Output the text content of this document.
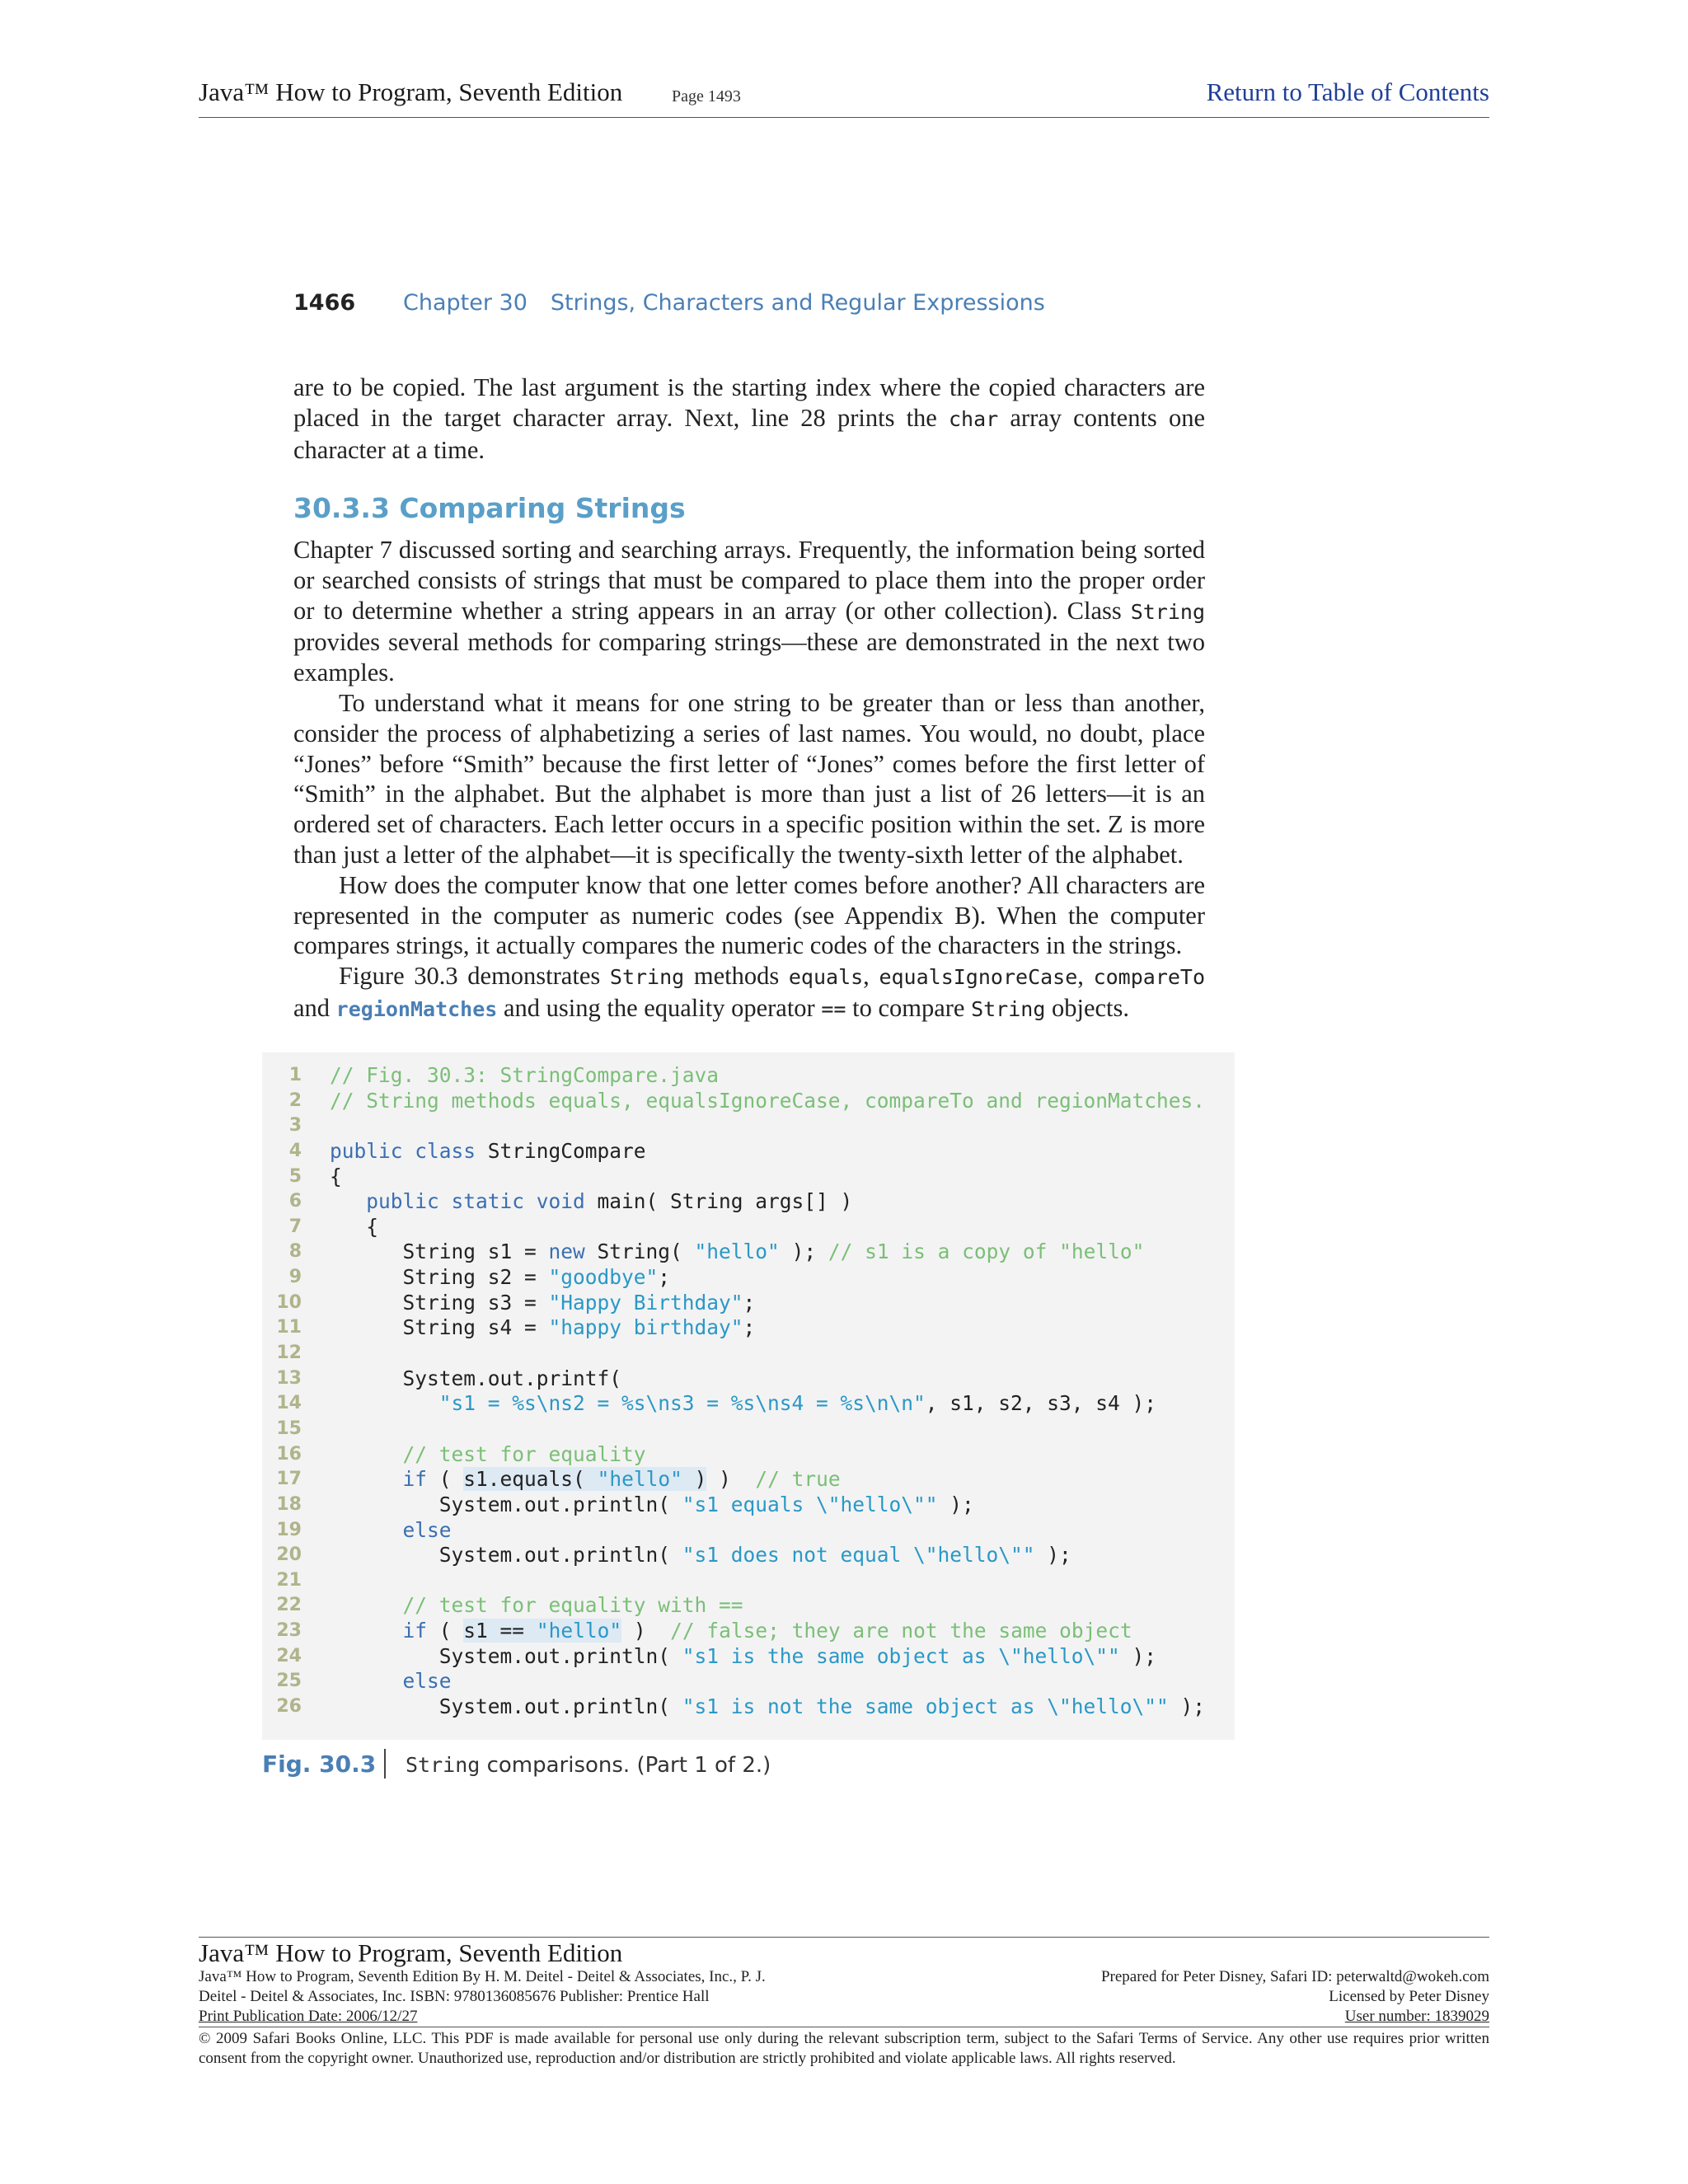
Java™ How to Program, Seventh Edition	Page 1493	Return to Table of Contents
1466 Chapter 30 Strings, Characters and Regular Expressions

are to be copied. The last argument is the starting index where the copied characters are placed in the target character array. Next, line 28 prints the char array contents one character at a time.

30.3.3 Comparing Strings

Chapter 7 discussed sorting and searching arrays. Frequently, the information being sorted or searched consists of strings that must be compared to place them into the proper order or to determine whether a string appears in an array (or other collection). Class String provides several methods for comparing strings—these are demonstrated in the next two examples.

To understand what it means for one string to be greater than or less than another, consider the process of alphabetizing a series of last names. You would, no doubt, place “Jones” before “Smith” because the first letter of “Jones” comes before the first letter of “Smith” in the alphabet. But the alphabet is more than just a list of 26 letters—it is an ordered set of characters. Each letter occurs in a specific position within the set. Z is more than just a letter of the alphabet—it is specifically the twenty-sixth letter of the alphabet.

How does the computer know that one letter comes before another? All characters are represented in the computer as numeric codes (see Appendix B). When the computer compares strings, it actually compares the numeric codes of the characters in the strings.

Figure 30.3 demonstrates String methods equals, equalsIgnoreCase, compareTo and regionMatches and using the equality operator == to compare String objects.

1 // Fig. 30.3: StringCompare.java
2 // String methods equals, equalsIgnoreCase, compareTo and regionMatches.
3
4 public class StringCompare
5 {
6	public static void main( String args[] )
7 {
8 String s1 = new String( "hello" ); // s1 is a copy of "hello"
9 String s2 = "goodbye";
10 String s3 = "Happy Birthday";
11 String s4 = "happy birthday";
12
13 System.out.printf(
14	"s1 = %s\ns2 = %s\ns3 = %s\ns4 = %s\n\n", s1, s2, s3, s4 );
15
16	// test for equality
17	if ( s1.equals( "hello" ) )  // true
18 System.out.println( "s1 equals \"hello\"" );
19	else
20 System.out.println( "s1 does not equal \"hello\"" );
21
22	// test for equality with ==
23	if ( s1 == "hello" )  // false; they are not the same object
24 System.out.println( "s1 is the same object as \"hello\"" );
25	else
26 System.out.println( "s1 is not the same object as \"hello\"" );
Fig. 30.3 String comparisons. (Part 1 of 2.)
Java™ How to Program, Seventh Edition
Java™ How to Program, Seventh Edition By H. M. Deitel - Deitel & Associates, Inc., P. J.
Deitel - Deitel & Associates, Inc. ISBN: 9780136085676 Publisher: Prentice Hall
Print Publication Date: 2006/12/27
Prepared for Peter Disney, Safari ID: peterwaltd@wokeh.com
Licensed by Peter Disney
User number: 1839029
© 2009 Safari Books Online, LLC. This PDF is made available for personal use only during the relevant subscription term, subject to the Safari Terms of Service. Any other use requires prior written consent from the copyright owner. Unauthorized use, reproduction and/or distribution are strictly prohibited and violate applicable laws. All rights reserved.
